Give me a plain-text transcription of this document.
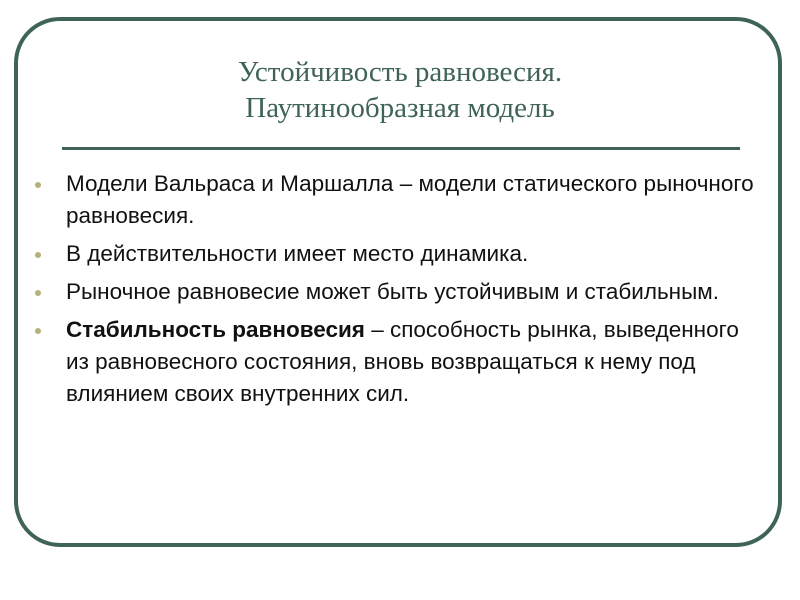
Устойчивость равновесия.
Паутинообразная модель
Модели Вальраса и Маршалла – модели статического рыночного равновесия.
В действительности имеет место динамика.
Рыночное равновесие может быть устойчивым и стабильным.
Стабильность равновесия – способность рынка, выведенного из равновесного состояния, вновь возвращаться к нему под влиянием своих внутренних сил.
